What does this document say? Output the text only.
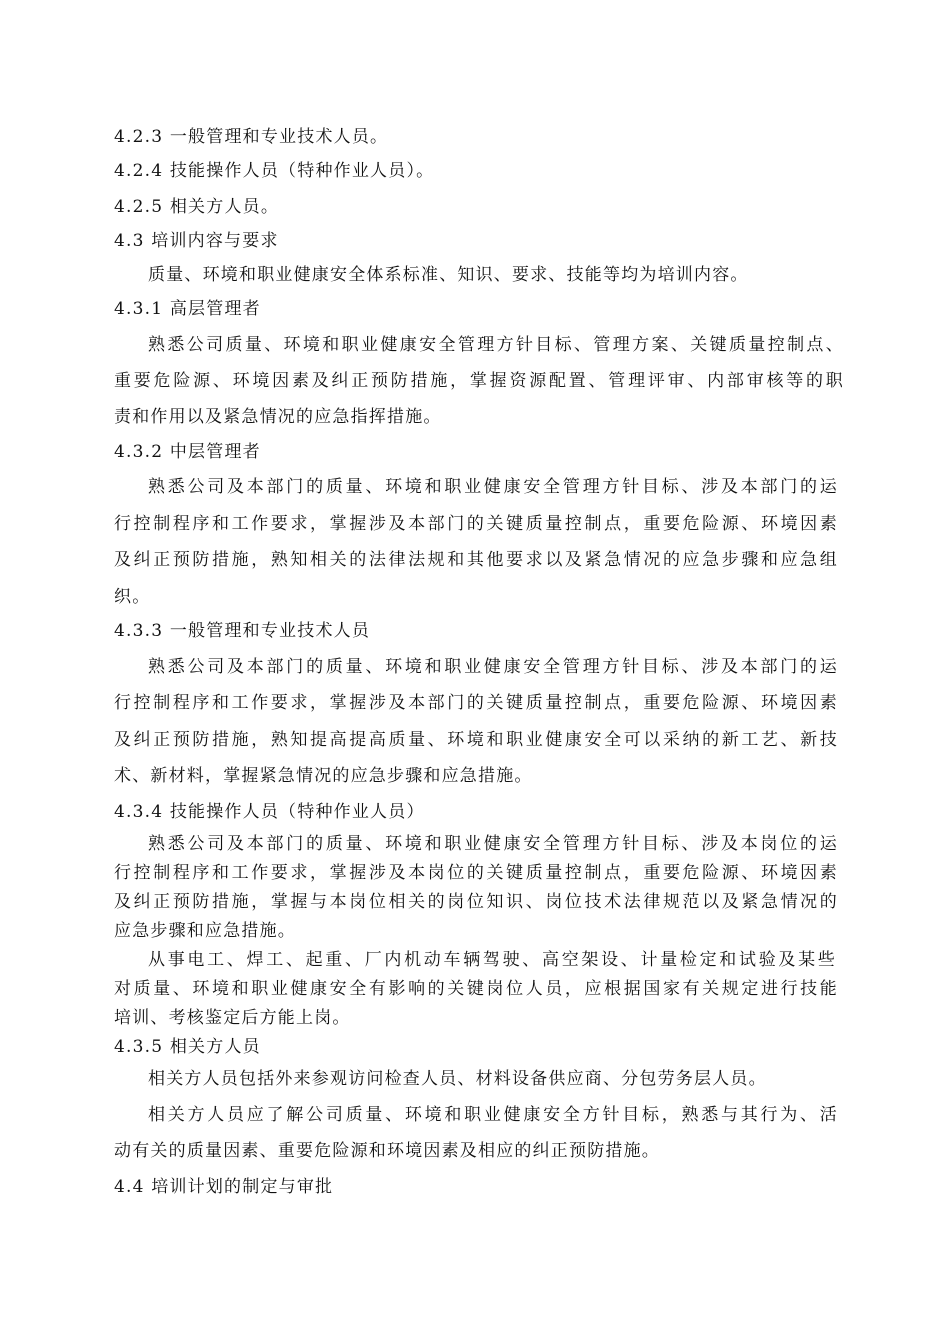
4.2.3 一般管理和专业技术人员。
4.2.4 技能操作人员（特种作业人员）。
4.2.5 相关方人员。
4.3 培训内容与要求
质量、环境和职业健康安全体系标准、知识、要求、技能等均为培训内容。
4.3.1 高层管理者
熟悉公司质量、环境和职业健康安全管理方针目标、管理方案、关键质量控制点、
重要危险源、环境因素及纠正预防措施，掌握资源配置、管理评审、内部审核等的职
责和作用以及紧急情况的应急指挥措施。
4.3.2 中层管理者
熟悉公司及本部门的质量、环境和职业健康安全管理方针目标、涉及本部门的运
行控制程序和工作要求，掌握涉及本部门的关键质量控制点，重要危险源、环境因素
及纠正预防措施，熟知相关的法律法规和其他要求以及紧急情况的应急步骤和应急组
织。
4.3.3 一般管理和专业技术人员
熟悉公司及本部门的质量、环境和职业健康安全管理方针目标、涉及本部门的运
行控制程序和工作要求，掌握涉及本部门的关键质量控制点，重要危险源、环境因素
及纠正预防措施，熟知提高提高质量、环境和职业健康安全可以采纳的新工艺、新技
术、新材料，掌握紧急情况的应急步骤和应急措施。
4.3.4 技能操作人员（特种作业人员）
熟悉公司及本部门的质量、环境和职业健康安全管理方针目标、涉及本岗位的运
行控制程序和工作要求，掌握涉及本岗位的关键质量控制点，重要危险源、环境因素
及纠正预防措施，掌握与本岗位相关的岗位知识、岗位技术法律规范以及紧急情况的
应急步骤和应急措施。
从事电工、焊工、起重、厂内机动车辆驾驶、高空架设、计量检定和试验及某些
对质量、环境和职业健康安全有影响的关键岗位人员，应根据国家有关规定进行技能
培训、考核鉴定后方能上岗。
4.3.5 相关方人员
相关方人员包括外来参观访问检查人员、材料设备供应商、分包劳务层人员。
相关方人员应了解公司质量、环境和职业健康安全方针目标，熟悉与其行为、活
动有关的质量因素、重要危险源和环境因素及相应的纠正预防措施。
4.4 培训计划的制定与审批
